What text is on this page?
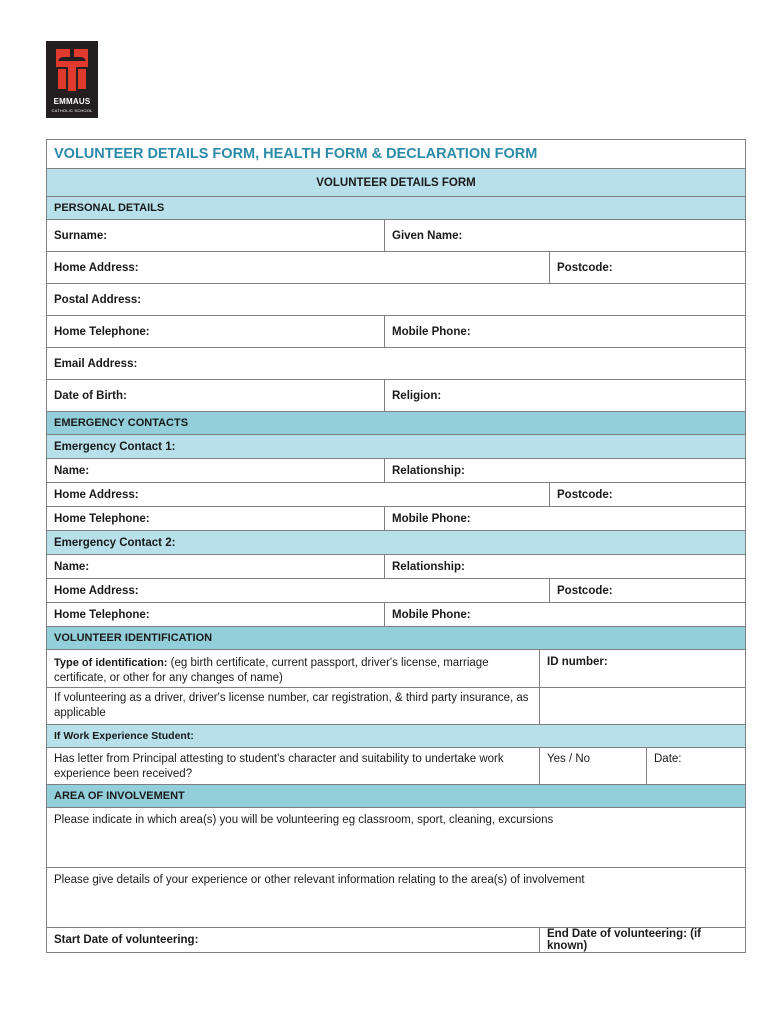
EMMAUS
CATHOLIC SCHOOL
VOLUNTEER DETAILS FORM, HEALTH FORM & DECLARATION FORM				
VOLUNTEER DETAILS FORM				
PERSONAL DETAILS				
Surname:	Given Name:			
Home Address:			Postcode:	
Postal Address:				
Home Telephone:	Mobile Phone:			
Email Address:				
Date of Birth:	Religion:			
EMERGENCY CONTACTS				
Emergency Contact 1:				
Name:	Relationship:			
Home Address:			Postcode:	
Home Telephone:	Mobile Phone:			
Emergency Contact 2:				
Name:	Relationship:			
Home Address:			Postcode:	
Home Telephone:	Mobile Phone:			
VOLUNTEER IDENTIFICATION				
Type of identification: (eg birth certificate, current passport, driver's license, marriage certificate, or other for any changes of name)		ID number:		
If volunteering as a driver, driver's license number, car registration, & third party insurance, as applicable				
If Work Experience Student:				
Has letter from Principal attesting to student's character and suitability to undertake work experience been received?		Yes / No		Date:
AREA OF INVOLVEMENT				
Please indicate in which area(s) you will be volunteering eg classroom, sport, cleaning, excursions				
Please give details of your experience or other relevant information relating to the area(s) of involvement				
Start Date of volunteering:		End Date of volunteering: (if known)		
